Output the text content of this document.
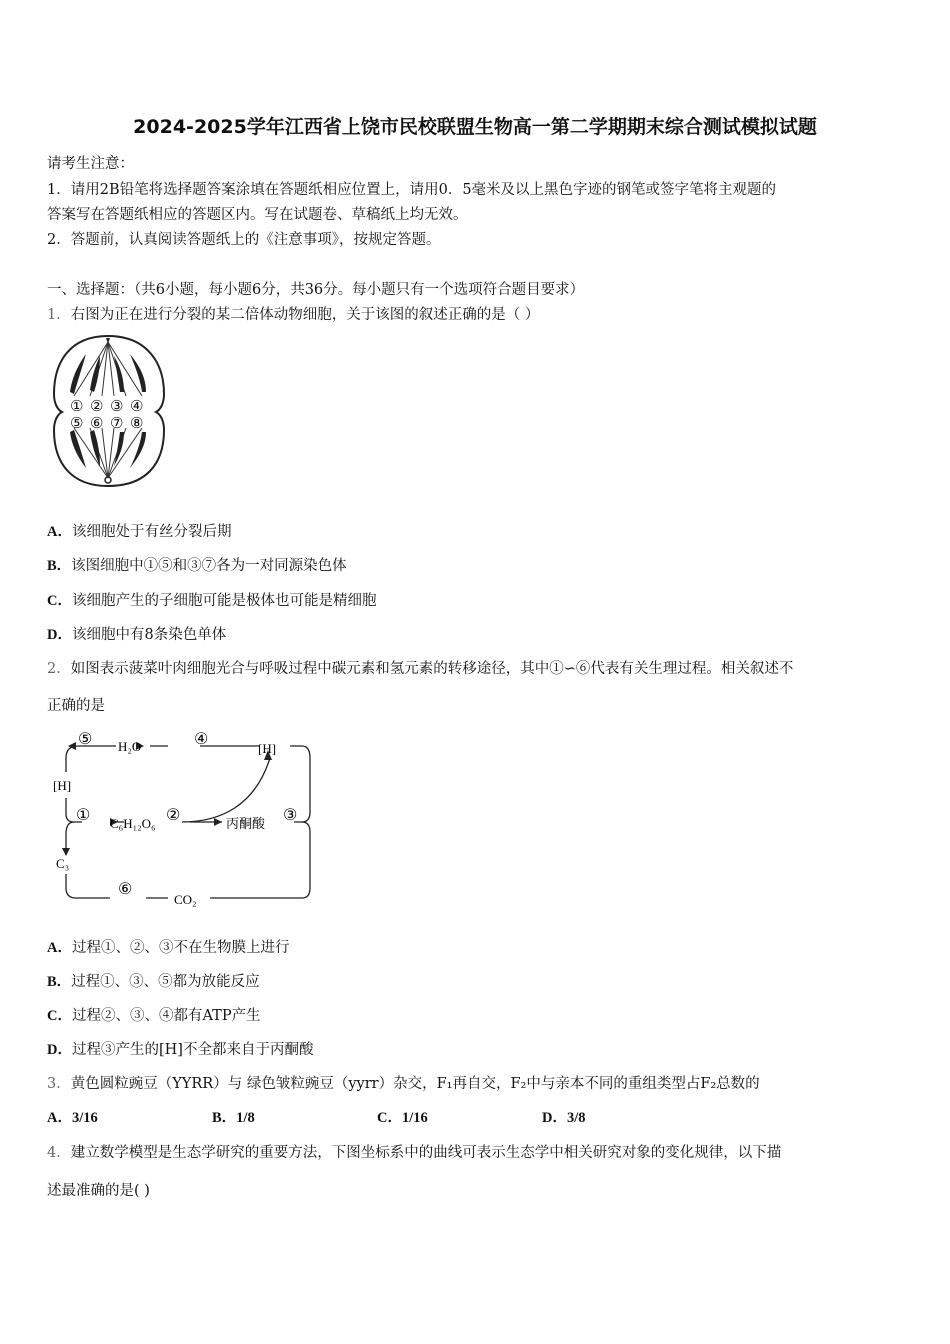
2024-2025学年江西省上饶市民校联盟生物高一第二学期期末综合测试模拟试题
请考生注意：
1．请用2B铅笔将选择题答案涂填在答题纸相应位置上，请用0．5毫米及以上黑色字迹的钢笔或签字笔将主观题的
答案写在答题纸相应的答题区内。写在试题卷、草稿纸上均无效。
2．答题前，认真阅读答题纸上的《注意事项》，按规定答题。
一、选择题：（共6小题，每小题6分，共36分。每小题只有一个选项符合题目要求）
1．右图为正在进行分裂的某二倍体动物细胞，关于该图的叙述正确的是（ ）
① ② ③ ④
⑤ ⑥ ⑦ ⑧
A．该细胞处于有丝分裂后期
B．该图细胞中①⑤和③⑦各为一对同源染色体
C．该细胞产生的子细胞可能是极体也可能是精细胞
D．该细胞中有8条染色单体
2．如图表示菠菜叶肉细胞光合与呼吸过程中碳元素和氢元素的转移途径，其中①∽⑥代表有关生理过程。相关叙述不
正确的是
⑤ H₂O	④
[H]
[H]
① C₆H₁₂O₆ ②	丙酮酸 ③
C₃
⑥
CO₂
A．过程①、②、③不在生物膜上进行
B．过程①、③、⑤都为放能反应
C．过程②、③、④都有ATP产生
D．过程③产生的[H]不全都来自于丙酮酸
3．黄色圆粒豌豆（YYRR）与 绿色皱粒豌豆（yyrr）杂交，F₁再自交，F₂中与亲本不同的重组类型占F₂总数的
A．3/16	B．1/8	C．1/16	D．3/8
4．建立数学模型是生态学研究的重要方法，下图坐标系中的曲线可表示生态学中相关研究对象的变化规律，以下描
述最准确的是( )
